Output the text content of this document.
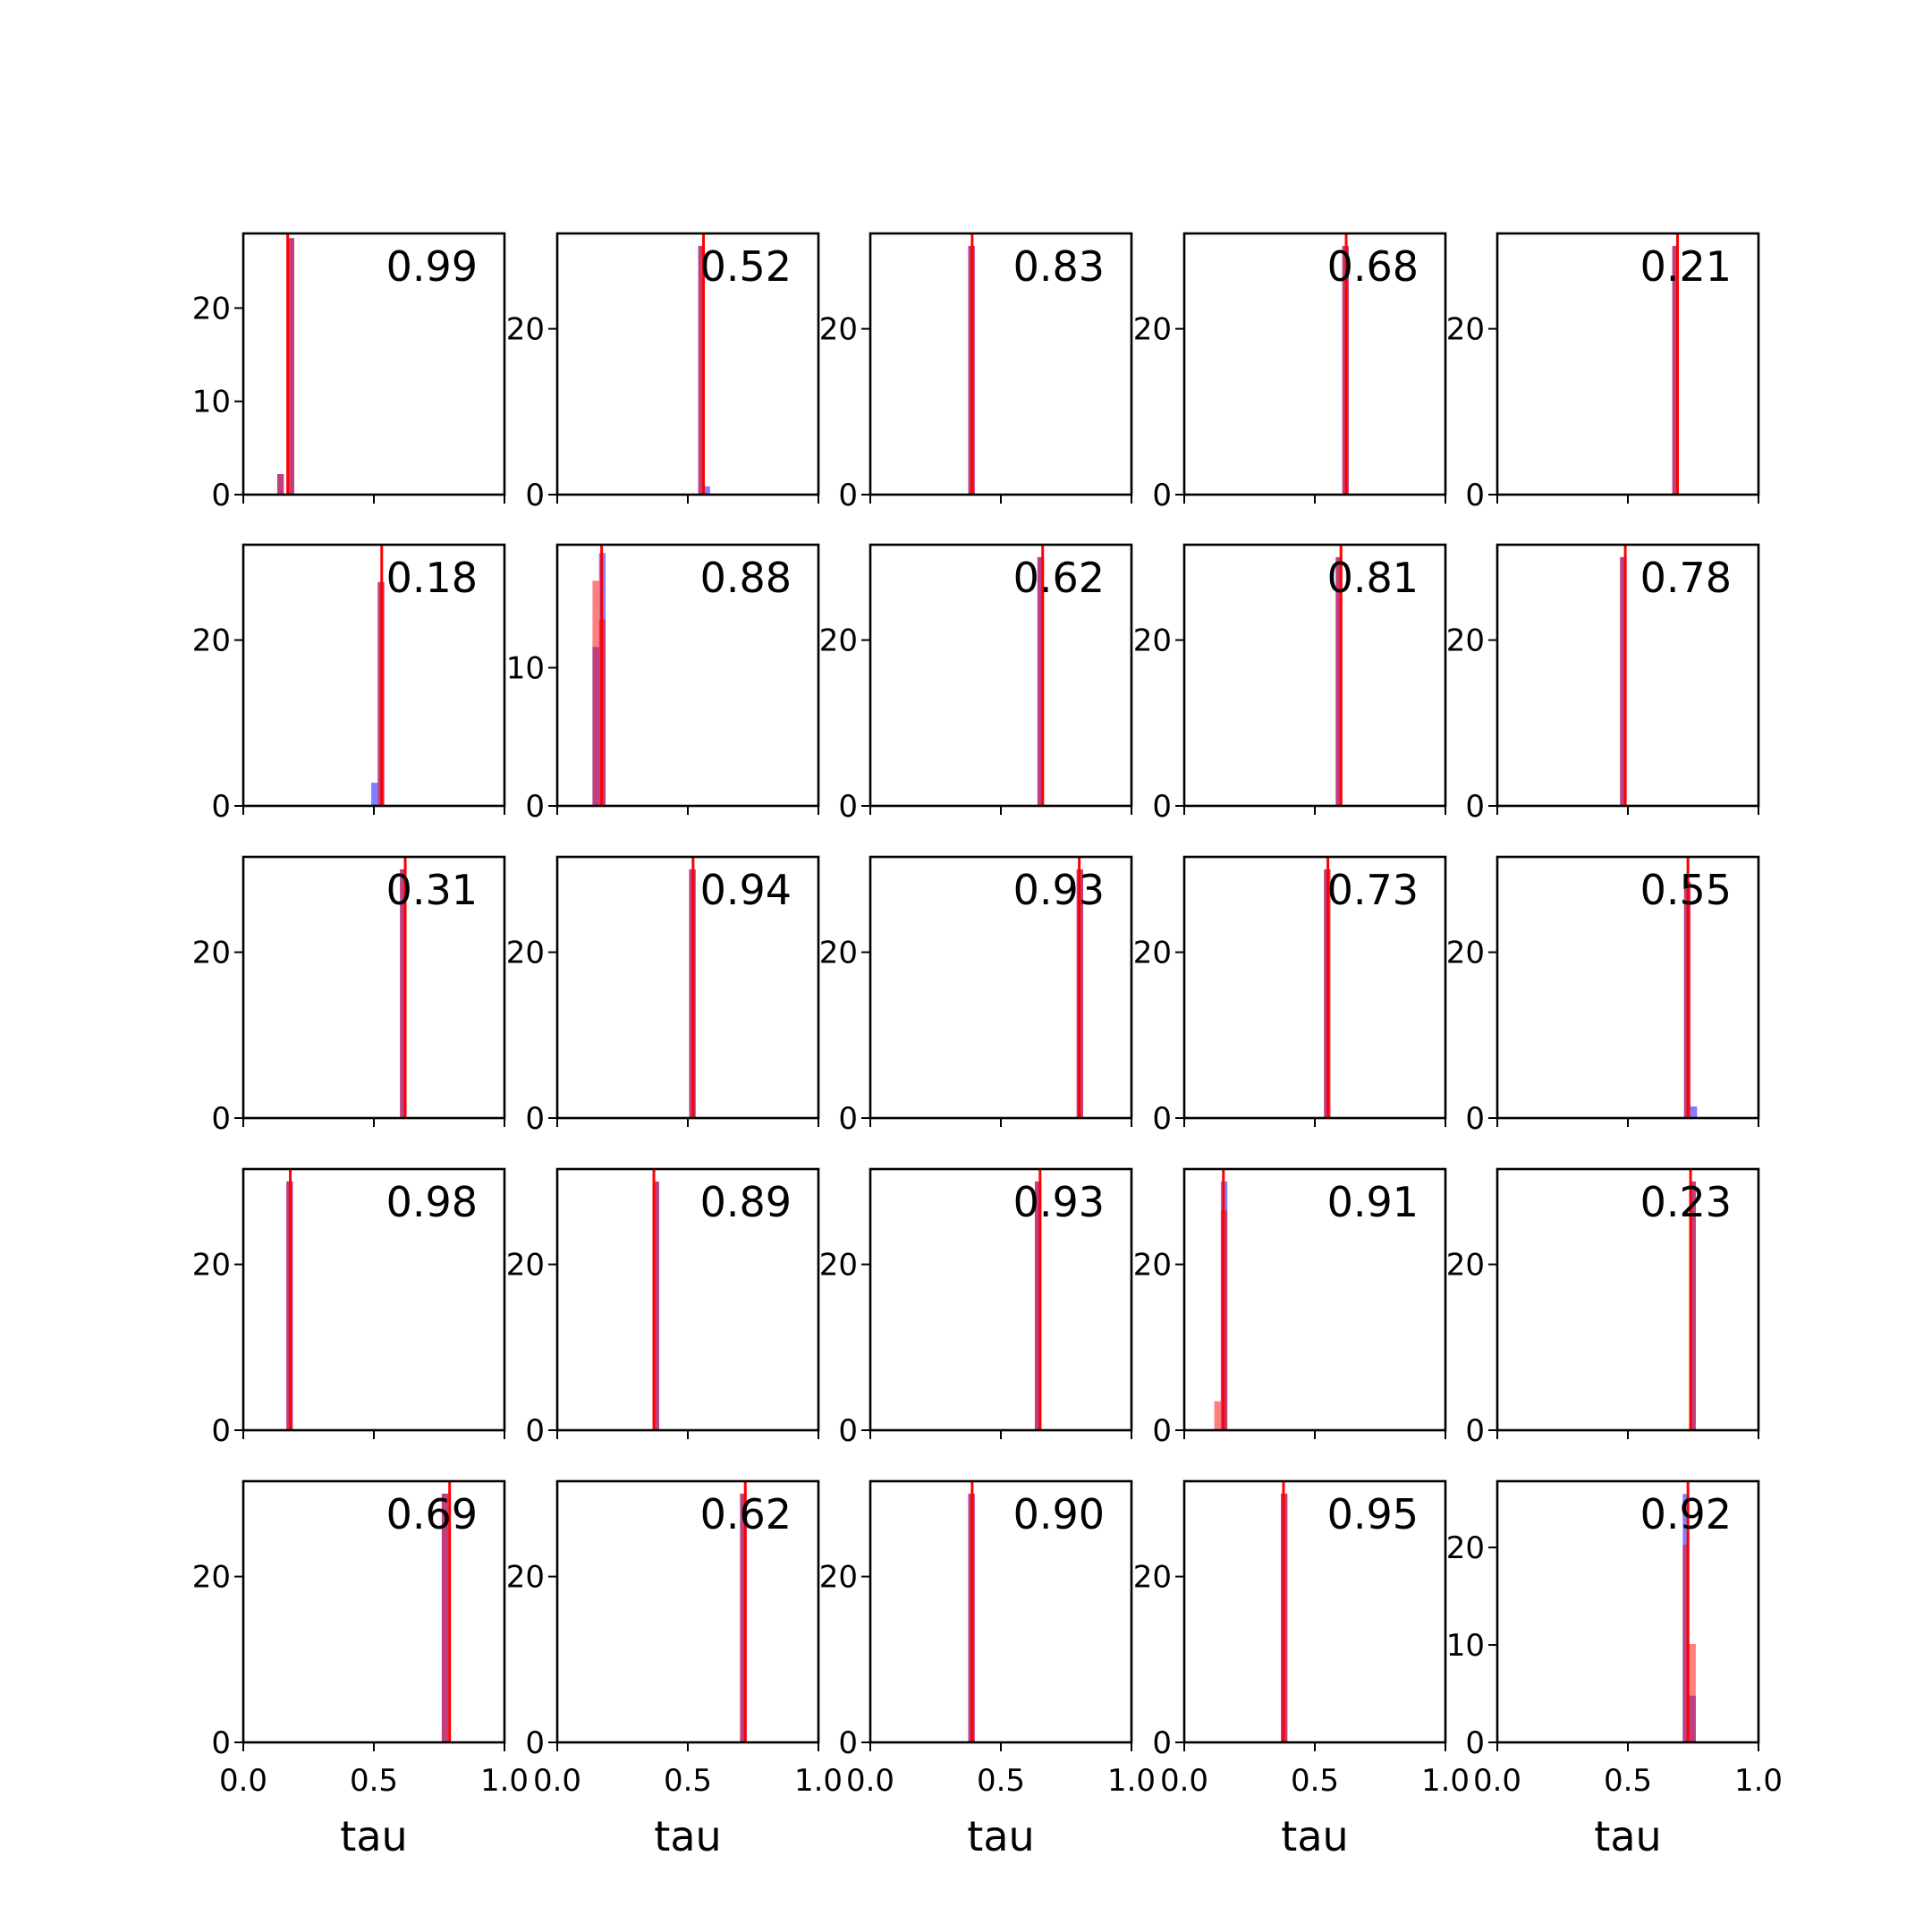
0
10
20
0.99
0
20
0.52
0
20
0.83
0
20
0.68
0
20
0.21
0
20
0.18
0
10
0.88
0
20
0.62
0
20
0.81
0
20
0.78
0
20
0.31
0
20
0.94
0
20
0.93
0
20
0.73
0
20
0.55
0
20
0.98
0
20
0.89
0
20
0.93
0
20
0.91
0
20
0.23
0
20
0.0	0.5	1.0
tau
0.69
0
20
0.0	0.5	1.0
tau
0.62
0
20
0.0	0.5	1.0
tau
0.90
0
20
0.0	0.5	1.0
tau
0.95
0
10
20
0.0	0.5	1.0
tau
0.92
